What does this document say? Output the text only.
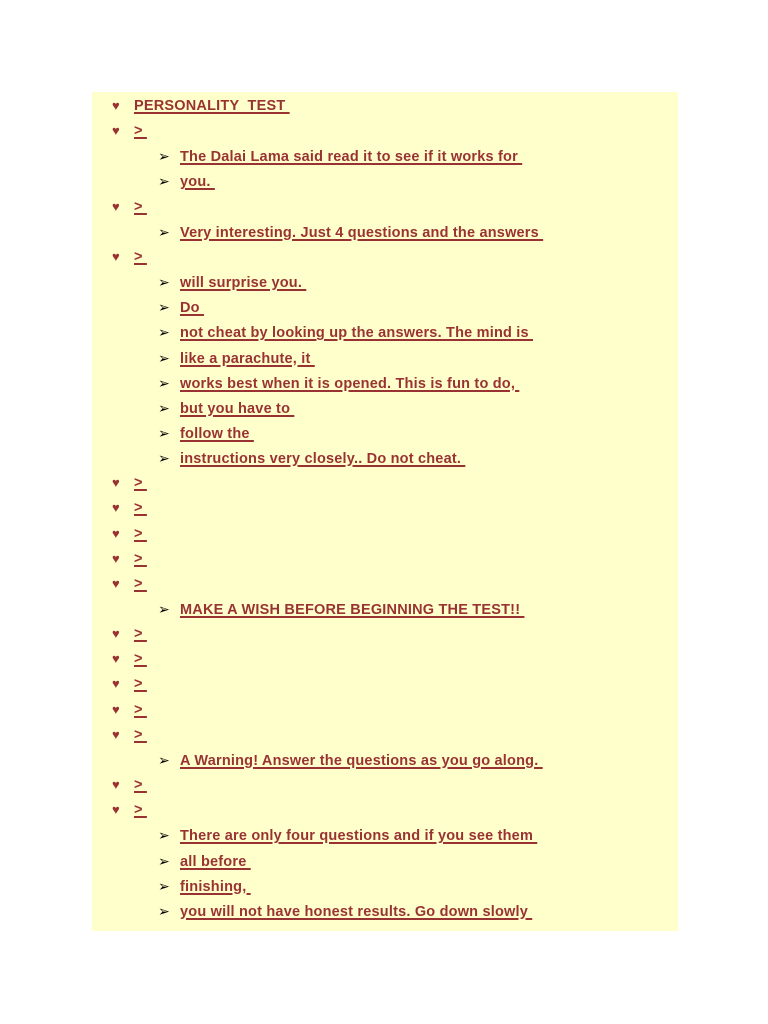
♥ PERSONALITY  TEST
♥ >
➢ The Dalai Lama said read it to see if it works for
➢ you.
♥ >
➢ Very interesting. Just 4 questions and the answers
♥ >
➢ will surprise you.
➢ Do
➢ not cheat by looking up the answers. The mind is
➢ like a parachute, it
➢ works best when it is opened. This is fun to do,
➢ but you have to
➢ follow the
➢ instructions very closely.. Do not cheat.
♥ >
♥ >
♥ >
♥ >
♥ >
➢ MAKE A WISH BEFORE BEGINNING THE TEST!!
♥ >
♥ >
♥ >
♥ >
♥ >
➢ A Warning! Answer the questions as you go along.
♥ >
♥ >
➢ There are only four questions and if you see them
➢ all before
➢ finishing,
➢ you will not have honest results. Go down slowly
